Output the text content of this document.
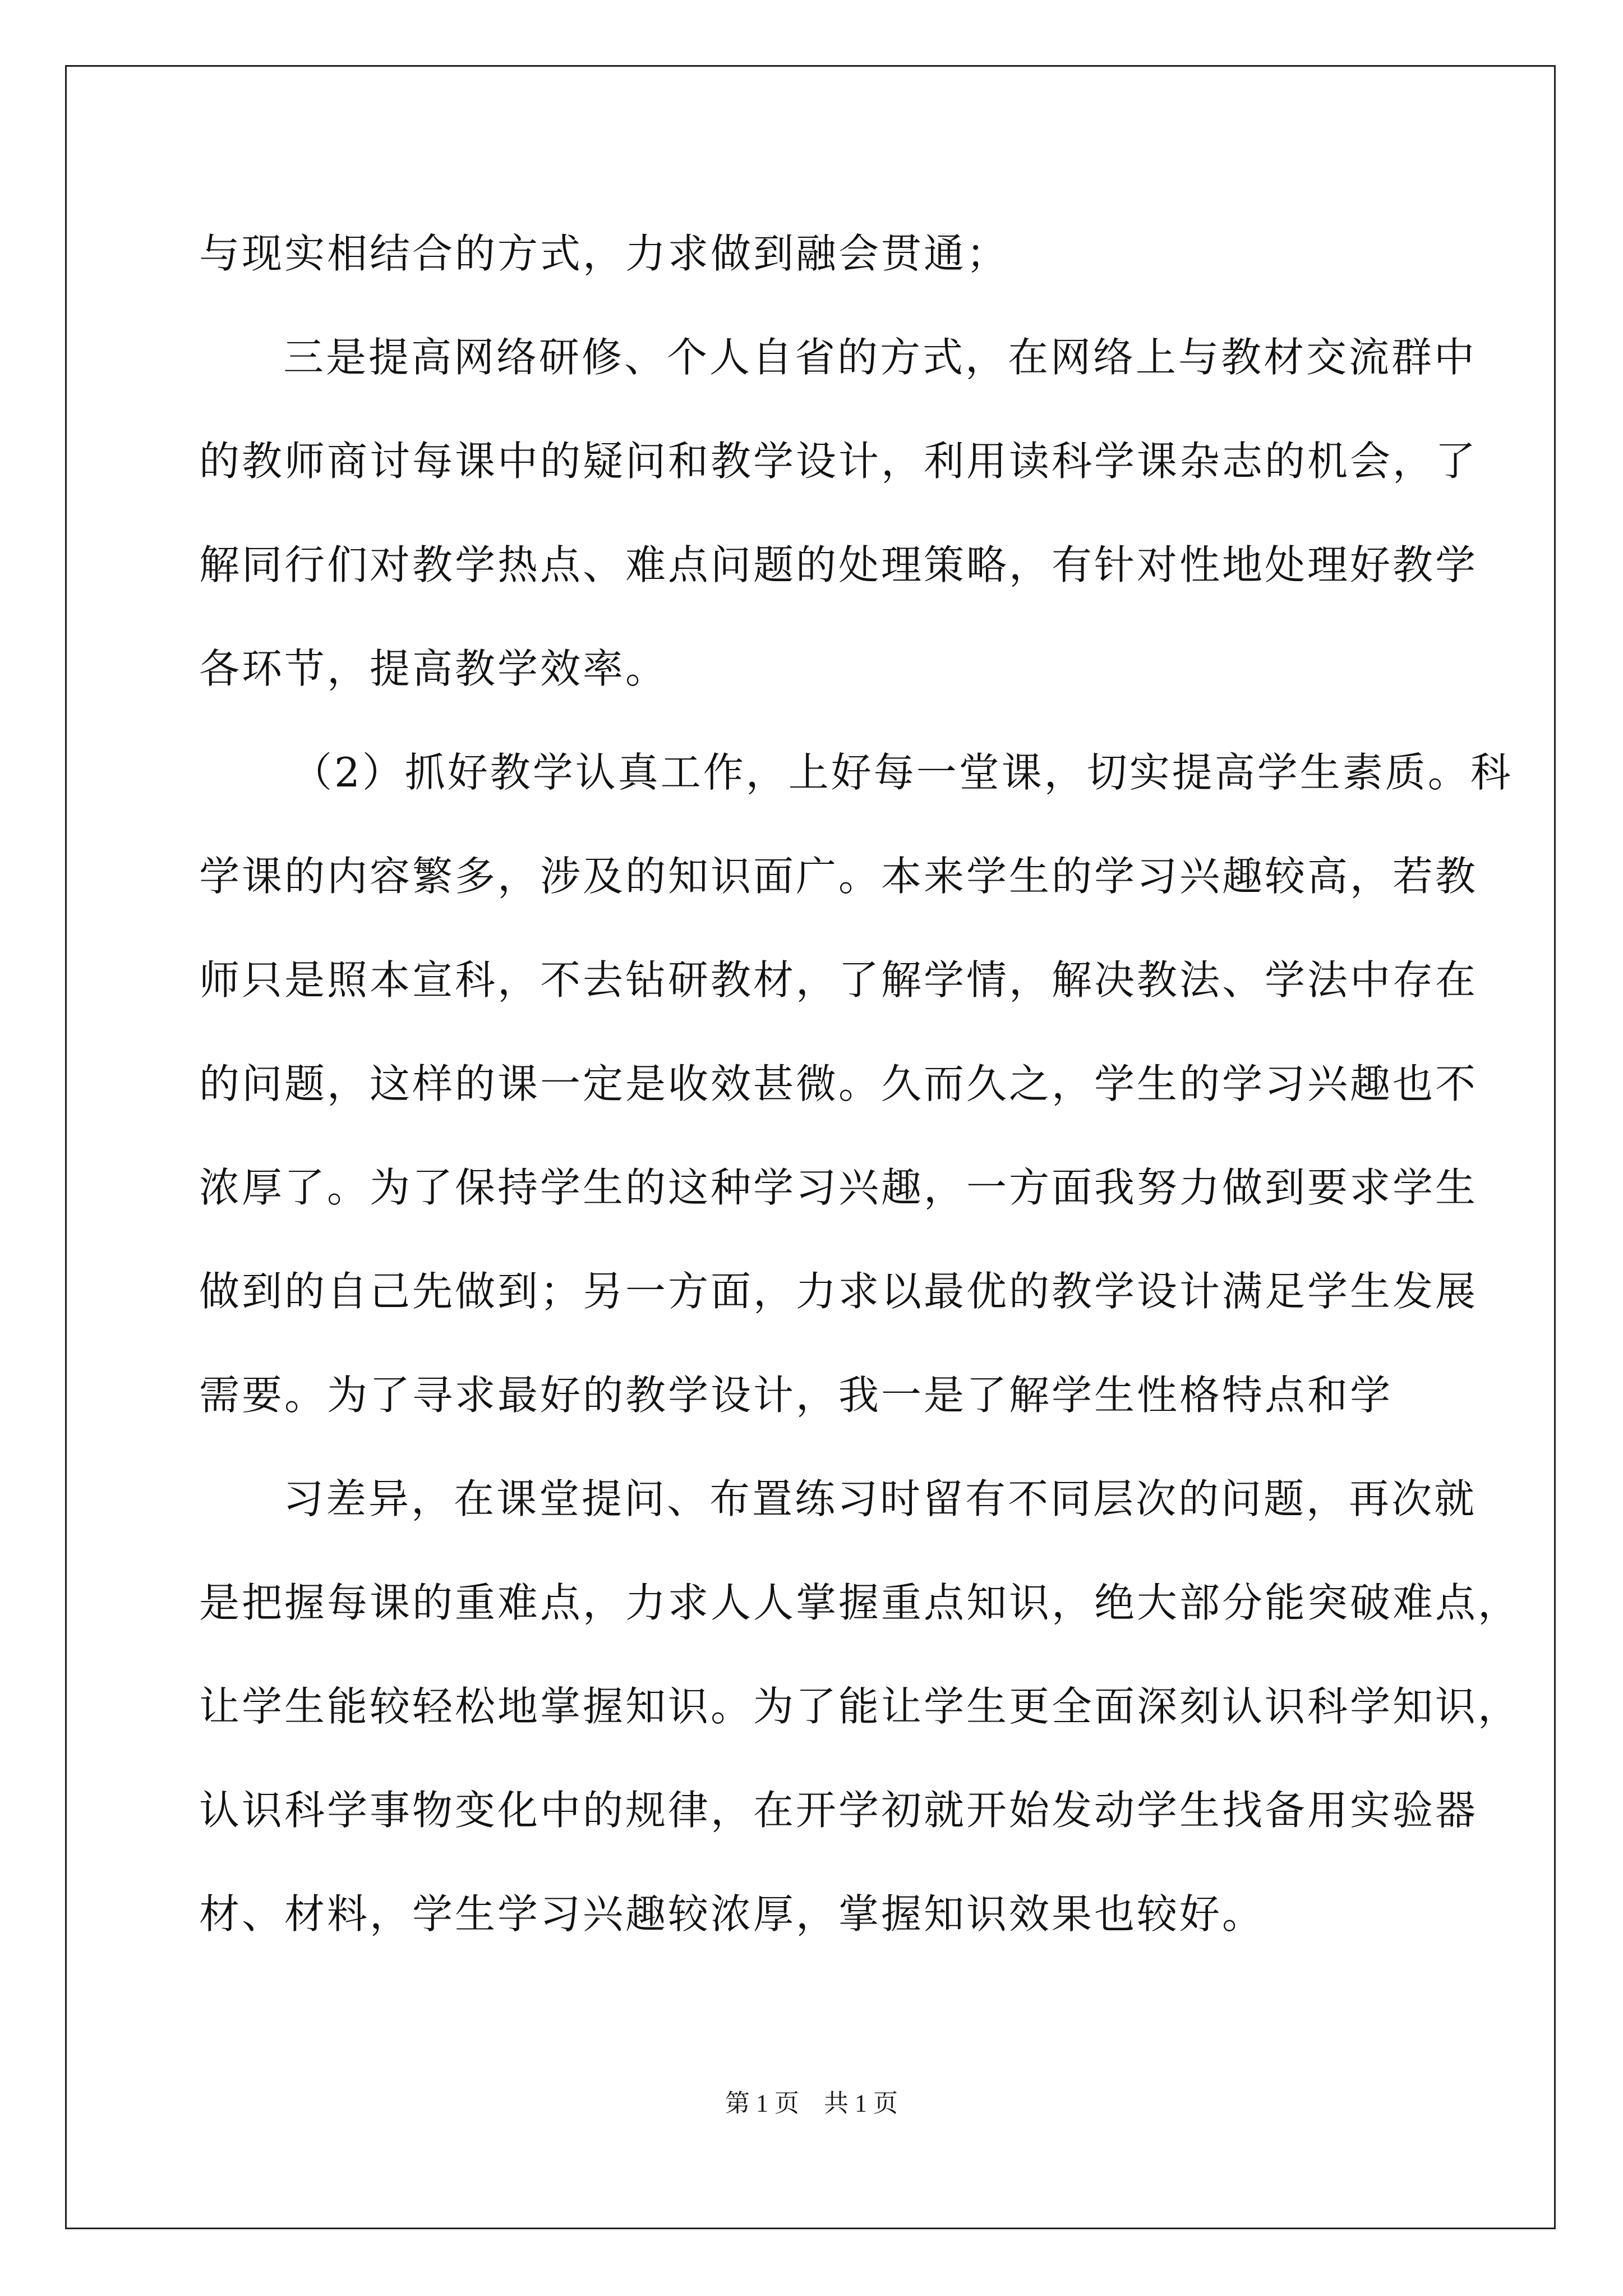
与现实相结合的方式，力求做到融会贯通；
三是提高网络研修、个人自省的方式，在网络上与教材交流群中
的教师商讨每课中的疑问和教学设计，利用读科学课杂志的机会，了
解同行们对教学热点、难点问题的处理策略，有针对性地处理好教学
各环节，提高教学效率。
（2）抓好教学认真工作，上好每一堂课，切实提高学生素质。科
学课的内容繁多，涉及的知识面广。本来学生的学习兴趣较高，若教
师只是照本宣科，不去钻研教材，了解学情，解决教法、学法中存在
的问题，这样的课一定是收效甚微。久而久之，学生的学习兴趣也不
浓厚了。为了保持学生的这种学习兴趣，一方面我努力做到要求学生
做到的自己先做到；另一方面，力求以最优的教学设计满足学生发展
需要。为了寻求最好的教学设计，我一是了解学生性格特点和学
习差异，在课堂提问、布置练习时留有不同层次的问题，再次就
是把握每课的重难点，力求人人掌握重点知识，绝大部分能突破难点，
让学生能较轻松地掌握知识。为了能让学生更全面深刻认识科学知识，
认识科学事物变化中的规律，在开学初就开始发动学生找备用实验器
材、材料，学生学习兴趣较浓厚，掌握知识效果也较好。
第 1 页　共 1 页
